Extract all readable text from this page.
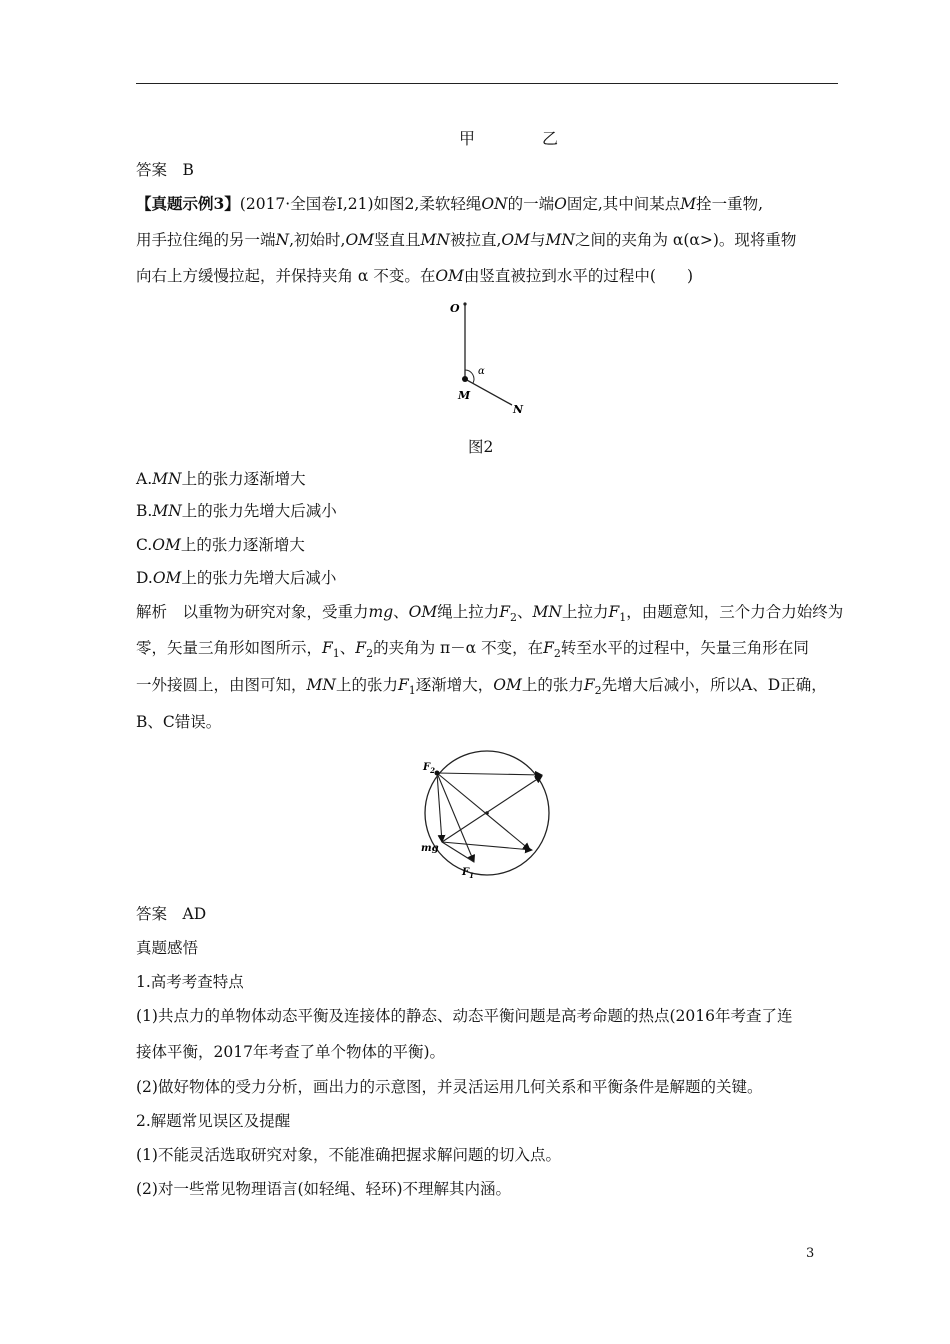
甲	乙
答案　B
【真题示例3】(2017·全国卷Ⅰ,21)如图2,柔软轻绳ON的一端O固定,其中间某点M拴一重物,
用手拉住绳的另一端N,初始时,OM竖直且MN被拉直,OM与MN之间的夹角为 α(α>)。现将重物
向右上方缓慢拉起，并保持夹角 α 不变。在OM由竖直被拉到水平的过程中(　　)
O
α
M
N
图2
A.MN上的张力逐渐增大
B.MN上的张力先增大后减小
C.OM上的张力逐渐增大
D.OM上的张力先增大后减小
解析　以重物为研究对象，受重力mg、OM绳上拉力$F_2$、MN上拉力$F_1$，由题意知，三个力合力始终为
零，矢量三角形如图所示，$F_1$、$F_2$的夹角为 π－α 不变，在$F_2$转至水平的过程中，矢量三角形在同
一外接圆上，由图可知，MN上的张力$F_1$逐渐增大，OM上的张力$F_2$先增大后减小，所以A、D正确，
B、C错误。
$F_2$
mg
$F_1$
答案　AD
真题感悟
1.高考考查特点
(1)共点力的单物体动态平衡及连接体的静态、动态平衡问题是高考命题的热点(2016年考查了连
接体平衡，2017年考查了单个物体的平衡)。
(2)做好物体的受力分析，画出力的示意图，并灵活运用几何关系和平衡条件是解题的关键。
2.解题常见误区及提醒
(1)不能灵活选取研究对象，不能准确把握求解问题的切入点。
(2)对一些常见物理语言(如轻绳、轻环)不理解其内涵。
3
